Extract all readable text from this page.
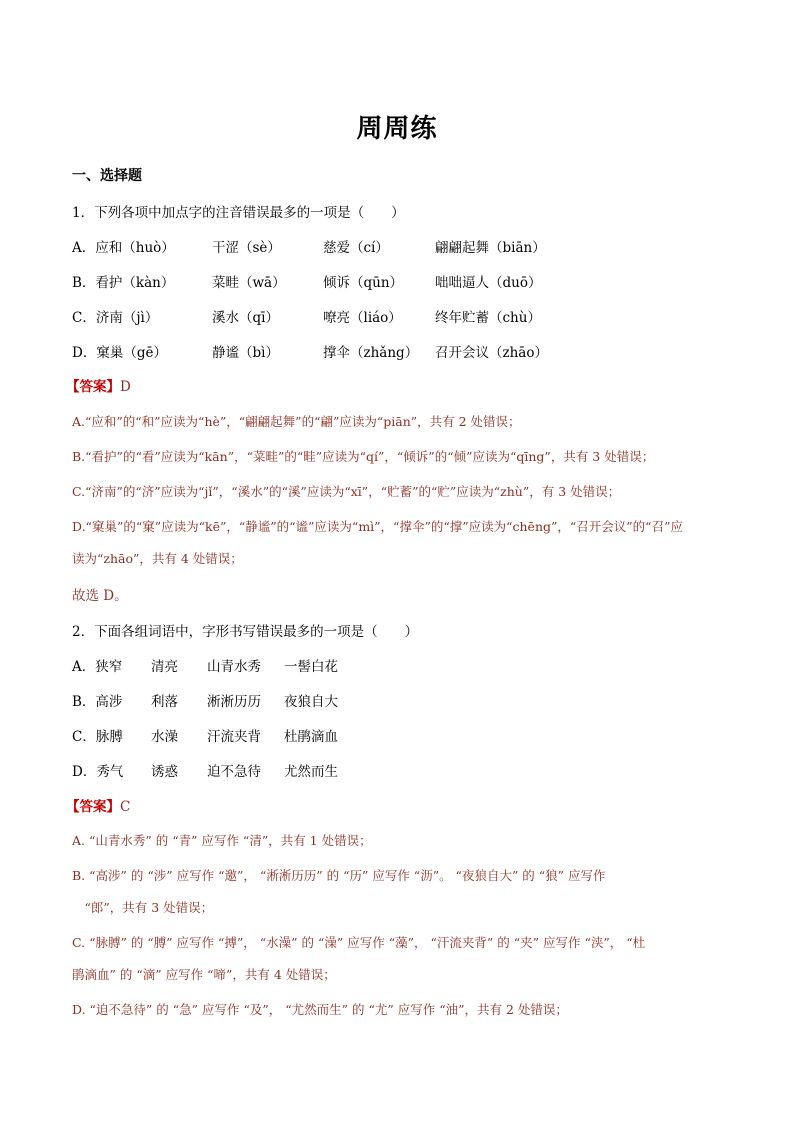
周周练
一、选择题
1．下列各项中加点字的注音错误最多的一项是（　　）
A．应和（huò）	干涩（sè）	慈爱（cí）	翩翩起舞（biān）
B．看护（kàn）	菜畦（wā）	倾诉（qūn） 咄咄逼人（duō）
C．济南（jì）	溪水（qī）	嘹亮（liáo） 终年贮蓄（chù）
D．窠巢（gē）	静谧（bì）	撑伞（zhǎng） 召开会议（zhāo）
【答案】D
A.“应和”的“和”应读为“hè”，“翩翩起舞”的“翩”应读为“piān”，共有 2 处错误；
B.“看护”的“看”应读为“kān”，“菜畦”的“畦”应读为“qí”，“倾诉”的“倾”应读为“qīng”，共有 3 处错误；
C.“济南”的“济”应读为“jǐ”，“溪水”的“溪”应读为“xī”，“贮蓄”的“贮”应读为“zhù”，有 3 处错误；
D.“窠巢”的“窠”应读为“kē”，“静谧”的“谧”应读为“mì”，“撑伞”的“撑”应读为“chēng”，“召开会议”的“召”应
读为“zhāo”，共有 4 处错误；
故选 D。
2．下面各组词语中，字形书写错误最多的一项是（　　）
A．狭窄 清亮 山青水秀 一髻白花
B．高涉 利落 淅淅历历 夜狼自大
C．脉膊 水澡 汗流夹背 杜鹃滴血
D．秀气 诱惑 迫不急待 尤然而生
【答案】C
A. “山青水秀” 的 “青” 应写作 “清”，共有 1 处错误；
B. “高涉” 的 “涉” 应写作 “邀”， “淅淅历历” 的 “历” 应写作 “沥”。 “夜狼自大” 的 “狼” 应写作
　“郎”，共有 3 处错误；
C. “脉膊” 的 “膊” 应写作 “搏”， “水澡” 的 “澡” 应写作 “藻”， “汗流夹背” 的 “夹” 应写作 “浃”， “杜
鹃滴血” 的 “滴” 应写作 “啼”，共有 4 处错误；
D. “迫不急待” 的 “急” 应写作 “及”， “尤然而生” 的 “尤” 应写作 “油”，共有 2 处错误；
